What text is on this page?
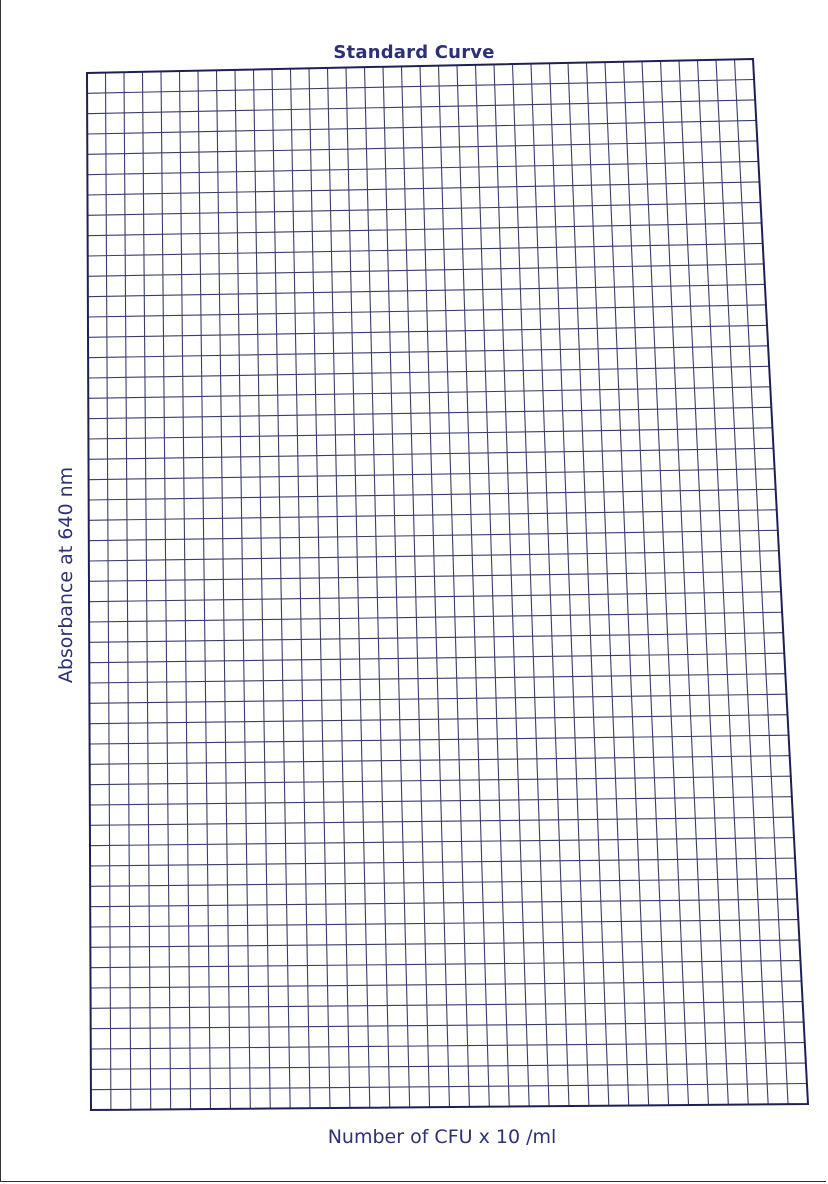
Standard Curve
Absorbance at 640 nm
Number of CFU x 10 /ml
